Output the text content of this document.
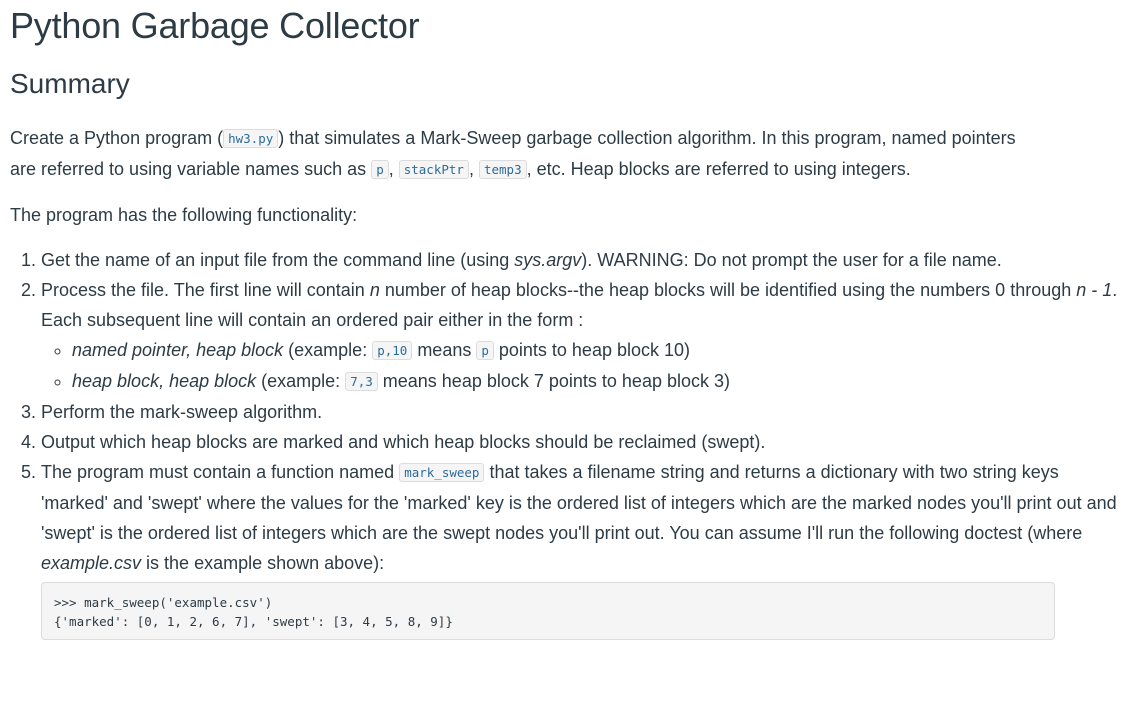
Python Garbage Collector
Summary

Create a Python program ( hw3.py ) that simulates a Mark-Sweep garbage collection algorithm. In this program, named pointers are referred to using variable names such as p , stackPtr , temp3 , etc. Heap blocks are referred to using integers.

The program has the following functionality:

1. Get the name of an input file from the command line (using sys.argv). WARNING: Do not prompt the user for a file name.
2. Process the file. The first line will contain n number of heap blocks--the heap blocks will be identified using the numbers 0 through n - 1. Each subsequent line will contain an ordered pair either in the form :
◦ named pointer, heap block (example: p,10 means p points to heap block 10)
◦ heap block, heap block (example: 7,3 means heap block 7 points to heap block 3)
3. Perform the mark-sweep algorithm.
4. Output which heap blocks are marked and which heap blocks should be reclaimed (swept).
5. The program must contain a function named mark_sweep that takes a filename string and returns a dictionary with two string keys 'marked' and 'swept' where the values for the 'marked' key is the ordered list of integers which are the marked nodes you'll print out and 'swept' is the ordered list of integers which are the swept nodes you'll print out. You can assume I'll run the following doctest (where example.csv is the example shown above):
>>> mark_sweep('example.csv')
{'marked': [0, 1, 2, 6, 7], 'swept': [3, 4, 5, 8, 9]}
